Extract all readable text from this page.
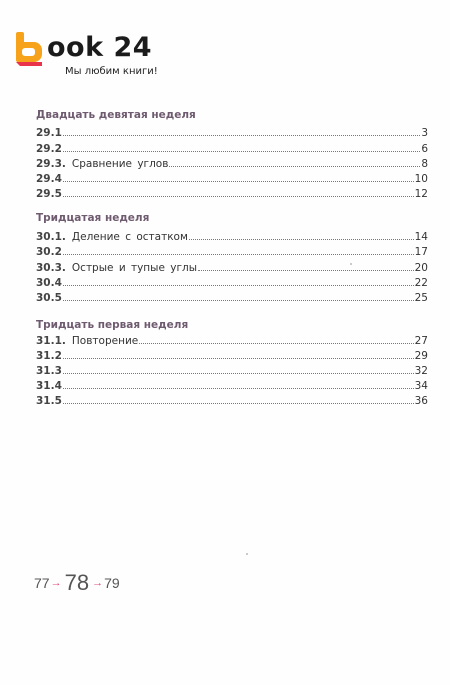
ook 24
Мы любим книги!
Двадцать девятая неделя
29.1	3
29.2	6
29.3. Сравнение углов	8
29.4	10
29.5	12
Тридцатая неделя
30.1. Деление с остатком	14
30.2	17
30.3. Острые и тупые углы	20
30.4	22
30.5	25
Тридцать первая неделя
31.1. Повторение	27
31.2	29
31.3	32
31.4	34
31.5	36
77 → 78 → 79
